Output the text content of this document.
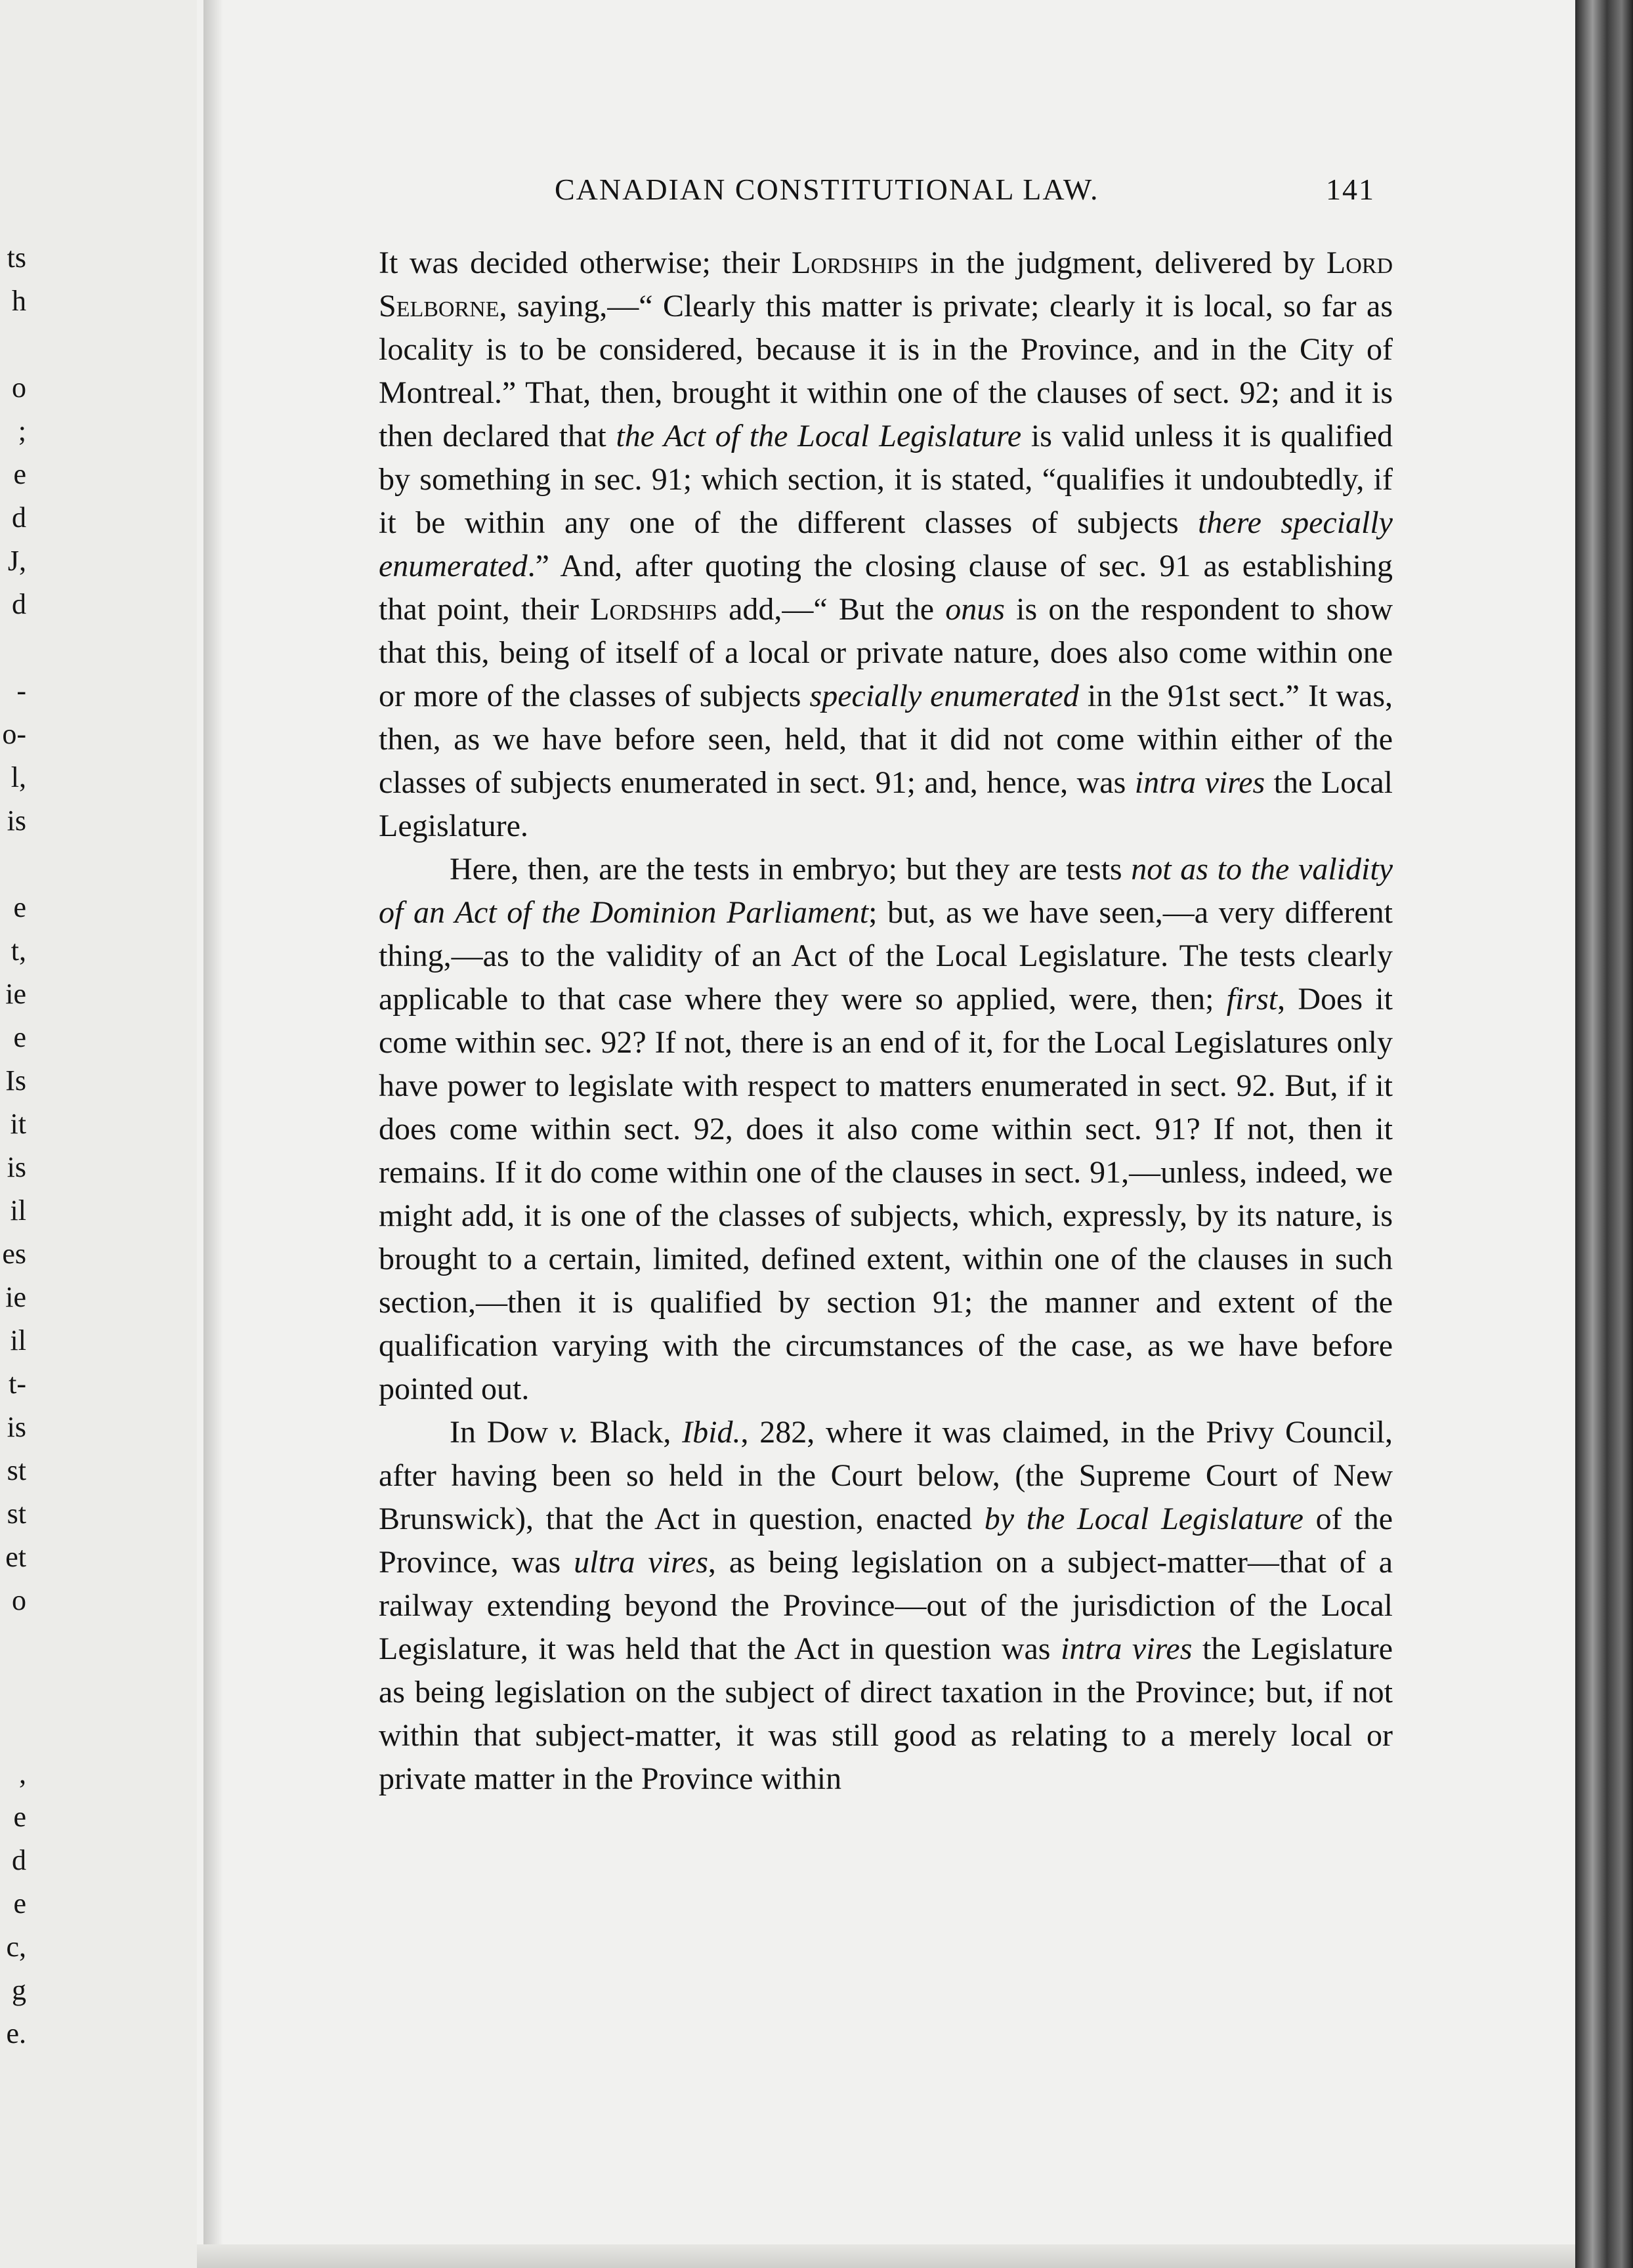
ts
h
o
;
e
d
J,
d
-
o-
l,
is
e
t,
ie
e
Is
it
is
il
es
ie
il
t-
is
st
st
et
o
,
e
d
e
c,
g
e.
CANADIAN CONSTITUTIONAL LAW.	141

It was decided otherwise; their Lordships in the judgment, delivered by Lord Selborne, saying,—“ Clearly this matter is private; clearly it is local, so far as locality is to be considered, because it is in the Province, and in the City of Montreal.” That, then, brought it within one of the clauses of sect. 92; and it is then declared that the Act of the Local Legislature is valid unless it is qualified by something in sec. 91; which section, it is stated, “qualifies it undoubtedly, if it be within any one of the different classes of subjects there specially enumerated.” And, after quoting the closing clause of sec. 91 as establishing that point, their Lordships add,—“ But the onus is on the respondent to show that this, being of itself of a local or private nature, does also come within one or more of the classes of subjects specially enumerated in the 91st sect.” It was, then, as we have before seen, held, that it did not come within either of the classes of subjects enumerated in sect. 91; and, hence, was intra vires the Local Legislature.

Here, then, are the tests in embryo; but they are tests not as to the validity of an Act of the Dominion Parliament; but, as we have seen,—a very different thing,—as to the validity of an Act of the Local Legislature. The tests clearly applicable to that case where they were so applied, were, then; first, Does it come within sec. 92? If not, there is an end of it, for the Local Legislatures only have power to legislate with respect to matters enumerated in sect. 92. But, if it does come within sect. 92, does it also come within sect. 91? If not, then it remains. If it do come within one of the clauses in sect. 91,—unless, indeed, we might add, it is one of the classes of subjects, which, expressly, by its nature, is brought to a certain, limited, defined extent, within one of the clauses in such section,—then it is qualified by section 91; the manner and extent of the qualification varying with the circumstances of the case, as we have before pointed out.

In Dow v. Black, Ibid., 282, where it was claimed, in the Privy Council, after having been so held in the Court below, (the Supreme Court of New Brunswick), that the Act in question, enacted by the Local Legislature of the Province, was ultra vires, as being legislation on a subject-matter—that of a railway extending beyond the Province—out of the jurisdiction of the Local Legislature, it was held that the Act in question was intra vires the Legislature as being legislation on the subject of direct taxation in the Province; but, if not within that subject-matter, it was still good as relating to a merely local or private matter in the Province within
